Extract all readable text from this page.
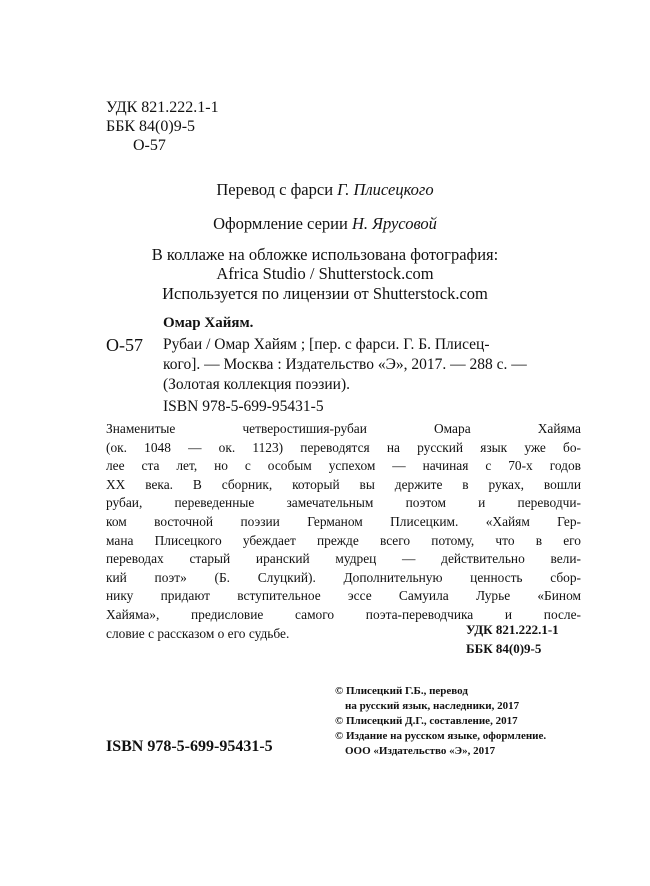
УДК 821.222.1-1
ББК 84(0)9-5
О-57
Перевод с фарси Г. Плисецкого
Оформление серии Н. Ярусовой
В коллаже на обложке использована фотография:
Africa Studio / Shutterstock.com
Используется по лицензии от Shutterstock.com
Омар Хайям.
О-57 Рубаи / Омар Хайям ; [пер. с фарси. Г. Б. Плисец-
кого]. — Москва : Издательство «Э», 2017. — 288 с. —
(Золотая коллекция поэзии).
ISBN 978-5-699-95431-5
Знаменитые четверостишия-рубаи Омара Хайяма
(ок. 1048 — ок. 1123) переводятся на русский язык уже бо-
лее ста лет, но с особым успехом — начиная с 70-х годов
XX века. В сборник, который вы держите в руках, вошли
рубаи, переведенные замечательным поэтом и переводчи-
ком восточной поэзии Германом Плисецким. «Хайям Гер-
мана Плисецкого убеждает прежде всего потому, что в его
переводах старый иранский мудрец — действительно вели-
кий поэт» (Б. Слуцкий). Дополнительную ценность сбор-
нику придают вступительное эссе Самуила Лурье «Бином
Хайяма», предисловие самого поэта-переводчика и после-
словие с рассказом о его судьбе.	УДК 821.222.1-1
ББК 84(0)9-5
© Плисецкий Г.Б., перевод
на русский язык, наследники, 2017
© Плисецкий Д.Г., составление, 2017
© Издание на русском языке, оформление.
ООО «Издательство «Э», 2017
ISBN 978-5-699-95431-5
